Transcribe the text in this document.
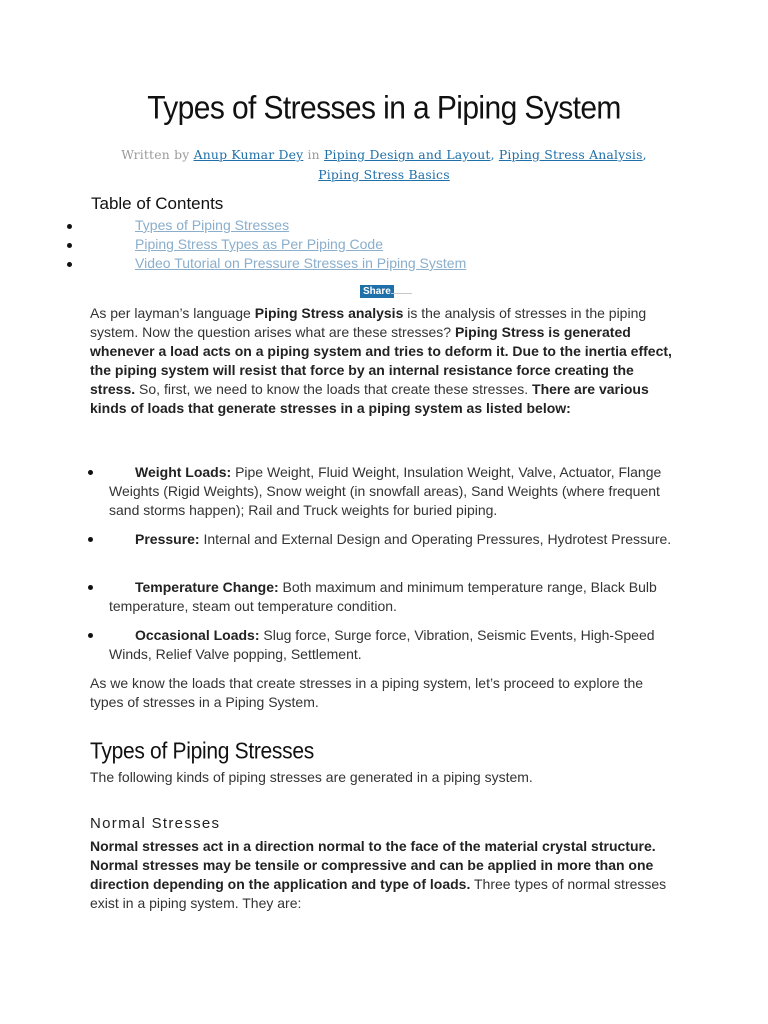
Types of Stresses in a Piping System
Written by Anup Kumar Dey in Piping Design and Layout, Piping Stress Analysis, Piping Stress Basics
Table of Contents
Types of Piping Stresses
Piping Stress Types as Per Piping Code
Video Tutorial on Pressure Stresses in Piping System
Share

As per layman’s language Piping Stress analysis is the analysis of stresses in the piping system. Now the question arises what are these stresses? Piping Stress is generated whenever a load acts on a piping system and tries to deform it. Due to the inertia effect, the piping system will resist that force by an internal resistance force creating the stress. So, first, we need to know the loads that create these stresses. There are various kinds of loads that generate stresses in a piping system as listed below:

Weight Loads: Pipe Weight, Fluid Weight, Insulation Weight, Valve, Actuator, Flange Weights (Rigid Weights), Snow weight (in snowfall areas), Sand Weights (where frequent sand storms happen); Rail and Truck weights for buried piping.
Pressure: Internal and External Design and Operating Pressures, Hydrotest Pressure.
Temperature Change: Both maximum and minimum temperature range, Black Bulb temperature, steam out temperature condition.
Occasional Loads: Slug force, Surge force, Vibration, Seismic Events, High-Speed Winds, Relief Valve popping, Settlement.

As we know the loads that create stresses in a piping system, let’s proceed to explore the types of stresses in a Piping System.

Types of Piping Stresses

The following kinds of piping stresses are generated in a piping system.

Normal Stresses

Normal stresses act in a direction normal to the face of the material crystal structure. Normal stresses may be tensile or compressive and can be applied in more than one direction depending on the application and type of loads. Three types of normal stresses exist in a piping system. They are:
